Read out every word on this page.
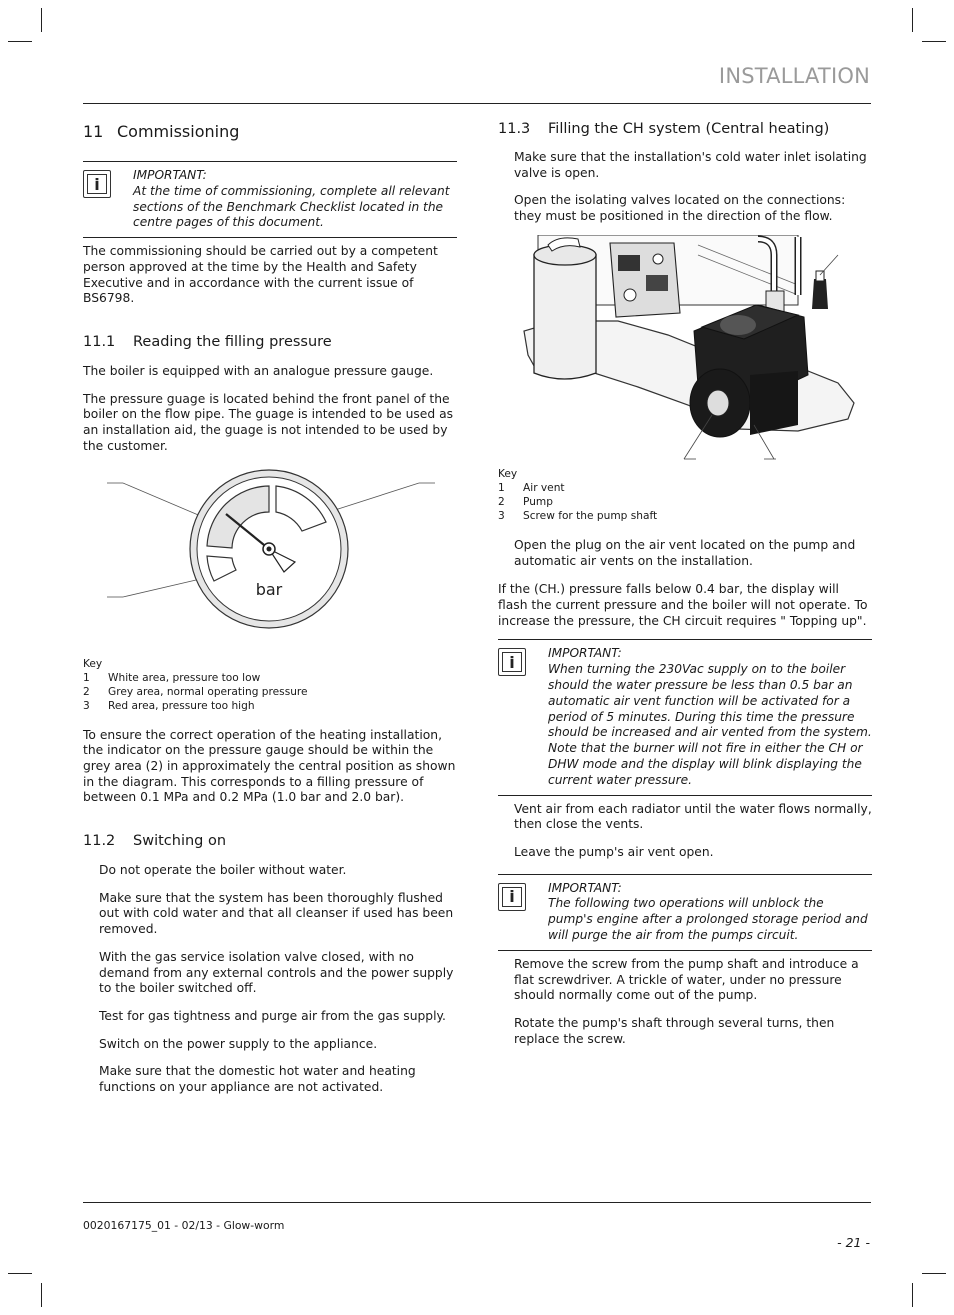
INSTALLATION
11 Commissioning
i	IMPORTANT:

At the time of commissioning, complete all relevant sections of the Benchmark Checklist located in the centre pages of this document.

The commissioning should be carried out by a competent person approved at the time by the Health and Safety Executive and in accordance with the current issue of BS6798.

11.1 Reading the filling pressure

The boiler is equipped with an analogue pressure gauge.

The pressure guage is located behind the front panel of the boiler on the flow pipe. The guage is intended to be used as an installation aid, the guage is not intended to be used by the customer.

bar
Key
1	White area, pressure too low
2	Grey area, normal operating pressure
3	Red area, pressure too high

To ensure the correct operation of the heating installation, the indicator on the pressure gauge should be within the grey area (2) in approximately the central position as shown in the diagram. This corresponds to a filling pressure of between 0.1 MPa and 0.2 MPa (1.0 bar and 2.0 bar).

11.2 Switching on

Do not operate the boiler without water.

Make sure that the system has been thoroughly flushed out with cold water and that all cleanser if used has been removed.

With the gas service isolation valve closed, with no demand from any external controls and the power supply to the boiler switched off.

Test for gas tightness and purge air from the gas supply.

Switch on the power supply to the appliance.

Make sure that the domestic hot water and heating functions on your appliance are not activated.

11.3 Filling the CH system (Central heating)

Make sure that the installation's cold water inlet isolating valve is open.

Open the isolating valves located on the connections: they must be positioned in the direction of the flow.

Key
1	Air vent
2	Pump
3	Screw for the pump shaft

Open the plug on the air vent located on the pump and automatic air vents on the installation.

If the (CH.) pressure falls below 0.4 bar, the display will flash the current pressure and the boiler will not operate. To increase the pressure, the CH circuit requires " Topping up".

i	IMPORTANT:

When turning the 230Vac supply on to the boiler should the water pressure be less than 0.5 bar an automatic air vent function will be activated for a period of 5 minutes. During this time the pressure should be increased and air vented from the system. Note that the burner will not fire in either the CH or DHW mode and the display will blink displaying the current water pressure.

Vent air from each radiator until the water flows normally, then close the vents.

Leave the pump's air vent open.

i	IMPORTANT:

The following two operations will unblock the pump's engine after a prolonged storage period and will purge the air from the pumps circuit.

Remove the screw from the pump shaft and introduce a flat screwdriver. A trickle of water, under no pressure should normally come out of the pump.

Rotate the pump's shaft through several turns, then replace the screw.

0020167175_01 - 02/13 - Glow-worm
- 21 -
